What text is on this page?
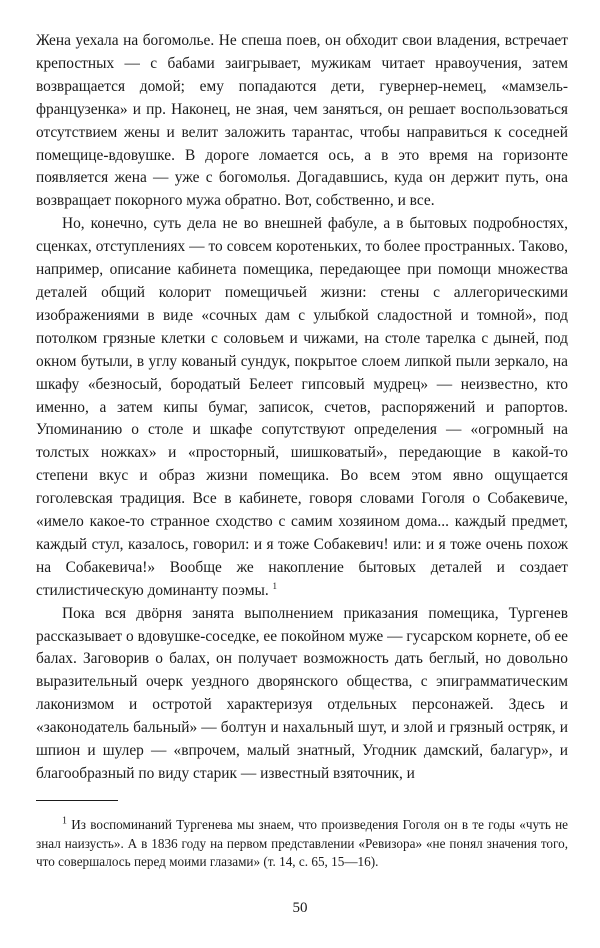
Жена уехала на богомолье. Не спеша поев, он обходит свои владения, встречает крепостных — с бабами заигрывает, мужикам читает нравоучения, затем возвращается домой; ему попадаются дети, гувернер-немец, «мамзель-французенка» и пр. Наконец, не зная, чем заняться, он решает воспользоваться отсутствием жены и велит заложить тарантас, чтобы направиться к соседней помещице-вдовушке. В дороге ломается ось, а в это время на горизонте появляется жена — уже с богомолья. Догадавшись, куда он держит путь, она возвращает покорного мужа обратно. Вот, собственно, и все.

Но, конечно, суть дела не во внешней фабуле, а в бытовых подробностях, сценках, отступлениях — то совсем коротеньких, то более пространных. Таково, например, описание кабинета помещика, передающее при помощи множества деталей общий колорит помещичьей жизни: стены с аллегорическими изображениями в виде «сочных дам с улыбкой сладостной и томной», под потолком грязные клетки с соловьем и чижами, на столе тарелка с дыней, под окном бутыли, в углу кованый сундук, покрытое слоем липкой пыли зеркало, на шкафу «безносый, бородатый Белеет гипсовый мудрец» — неизвестно, кто именно, а затем кипы бумаг, записок, счетов, распоряжений и рапортов. Упоминанию о столе и шкафе сопутствуют определения — «огромный на толстых ножках» и «просторный, шишковатый», передающие в какой-то степени вкус и образ жизни помещика. Во всем этом явно ощущается гоголевская традиция. Все в кабинете, говоря словами Гоголя о Собакевиче, «имело какое-то странное сходство с самим хозяином дома... каждый предмет, каждый стул, казалось, говорил: и я тоже Собакевич! или: и я тоже очень похож на Собакевича!» Вообще же накопление бытовых деталей и создает стилистическую доминанту поэмы. $^1$

Пока вся двöрня занята выполнением приказания помещика, Тургенев рассказывает о вдовушке-соседке, ее покойном муже — гусарском корнете, об ее балах. Заговорив о балах, он получает возможность дать беглый, но довольно выразительный очерк уездного дворянского общества, с эпиграмматическим лаконизмом и остротой характеризуя отдельных персонажей. Здесь и «законодатель бальный» — болтун и нахальный шут, и злой и грязный остряк, и шпион и шулер — «впрочем, малый знатный, Угодник дамский, балагур», и благообразный по виду старик — известный взяточник, и

$^1$ Из воспоминаний Тургенева мы знаем, что произведения Гоголя он в те годы «чуть не знал наизусть». А в 1836 году на первом представлении «Ревизора» «не понял значения того, что совершалось перед моими глазами» (т. 14, с. 65, 15—16).

50
